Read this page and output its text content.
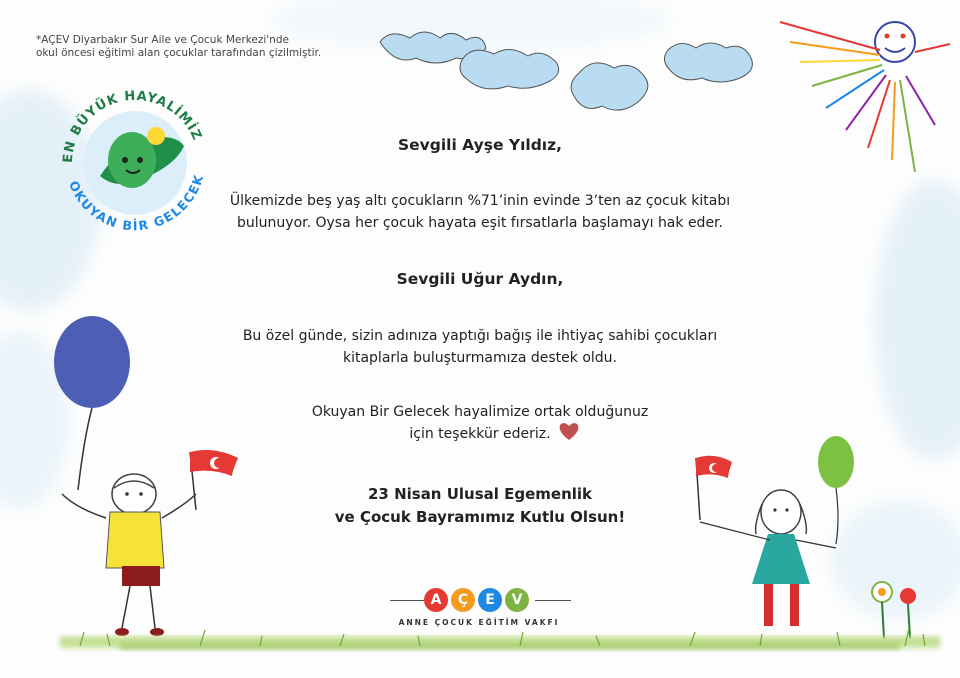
*AÇEV Diyarbakır Sur Aile ve Çocuk Merkezi'nde
okul öncesi eğitimi alan çocuklar tarafından çizilmiştir.
EN BÜYÜK HAYALİMİZ
OKUYAN BİR GELECEK
Sevgili Ayşe Yıldız,
Ülkemizde beş yaş altı çocukların %71’inin evinde 3’ten az çocuk kitabı
bulunuyor. Oysa her çocuk hayata eşit fırsatlarla başlamayı hak eder.
Sevgili Uğur Aydın,
Bu özel günde, sizin adınıza yaptığı bağış ile ihtiyaç sahibi çocukları
kitaplarla buluşturmamıza destek oldu.
Okuyan Bir Gelecek hayalimize ortak olduğunuz
için teşekkür ederiz.
23 Nisan Ulusal Egemenlik
ve Çocuk Bayramımız Kutlu Olsun!
A	Ç	E	V
ANNE ÇOCUK EĞİTİM VAKFI
